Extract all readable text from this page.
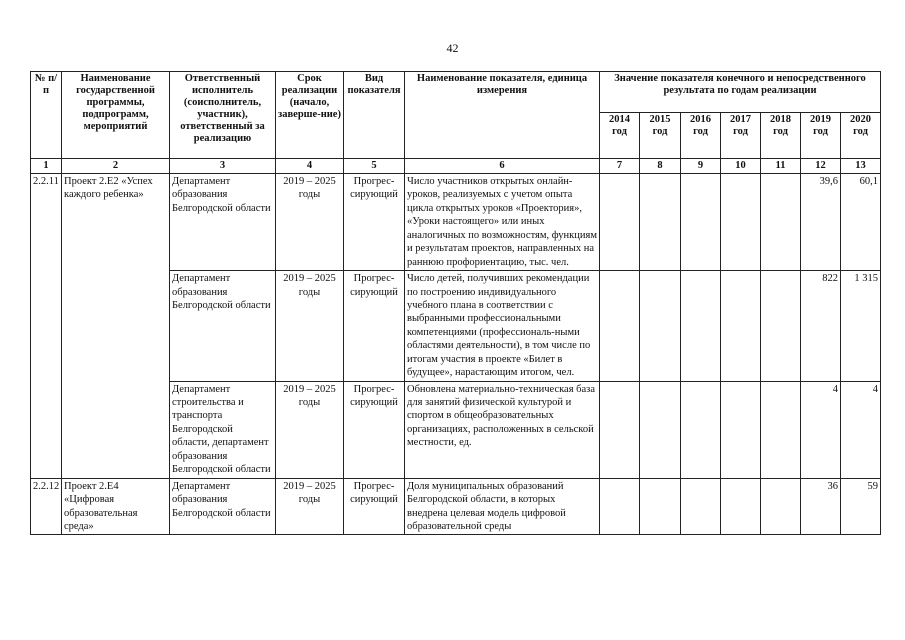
42
№ п/п	Наименование государственной программы, подпрограмм, мероприятий	Ответственный исполнитель (соисполнитель, участник), ответственный за реализацию	Срок реализации (начало, заверше-ние)	Вид показателя	Наименование показателя, единица измерения	Значение показателя конечного и непосредственного результата по годам реализации						
						2014 год	2015 год	2016 год	2017 год	2018 год	2019 год	2020 год
1	2	3	4	5	6	7	8	9	10	11	12	13
2.2.11	Проект 2.Е2 «Успех каждого ребенка»	Департамент образования Белгородской области	2019 – 2025 годы	Прогрес-сирующий	Число участников открытых онлайн-уроков, реализуемых с учетом опыта цикла открытых уроков «Проектория», «Уроки настоящего» или иных аналогичных по возможностям, функциям и результатам проектов, направленных на раннюю профориентацию, тыс. чел.						39,6	60,1
		Департамент образования Белгородской области	2019 – 2025 годы	Прогрес-сирующий	Число детей, получивших рекомендации по построению индивидуального учебного плана в соответствии с выбранными профессиональными компетенциями (профессиональ-ными областями деятельности), в том числе по итогам участия в проекте «Билет в будущее», нарастающим итогом, чел.						822	1 315
		Департамент строительства и транспорта Белгородской области, департамент образования Белгородской области	2019 – 2025 годы	Прогрес-сирующий	Обновлена материально-техническая база для занятий физической культурой и спортом в общеобразовательных организациях, расположенных в сельской местности, ед.						4	4
2.2.12	Проект 2.Е4 «Цифровая образовательная среда»	Департамент образования Белгородской области	2019 – 2025 годы	Прогрес-сирующий	Доля муниципальных образований Белгородской области, в которых внедрена целевая модель цифровой образовательной среды						36	59
